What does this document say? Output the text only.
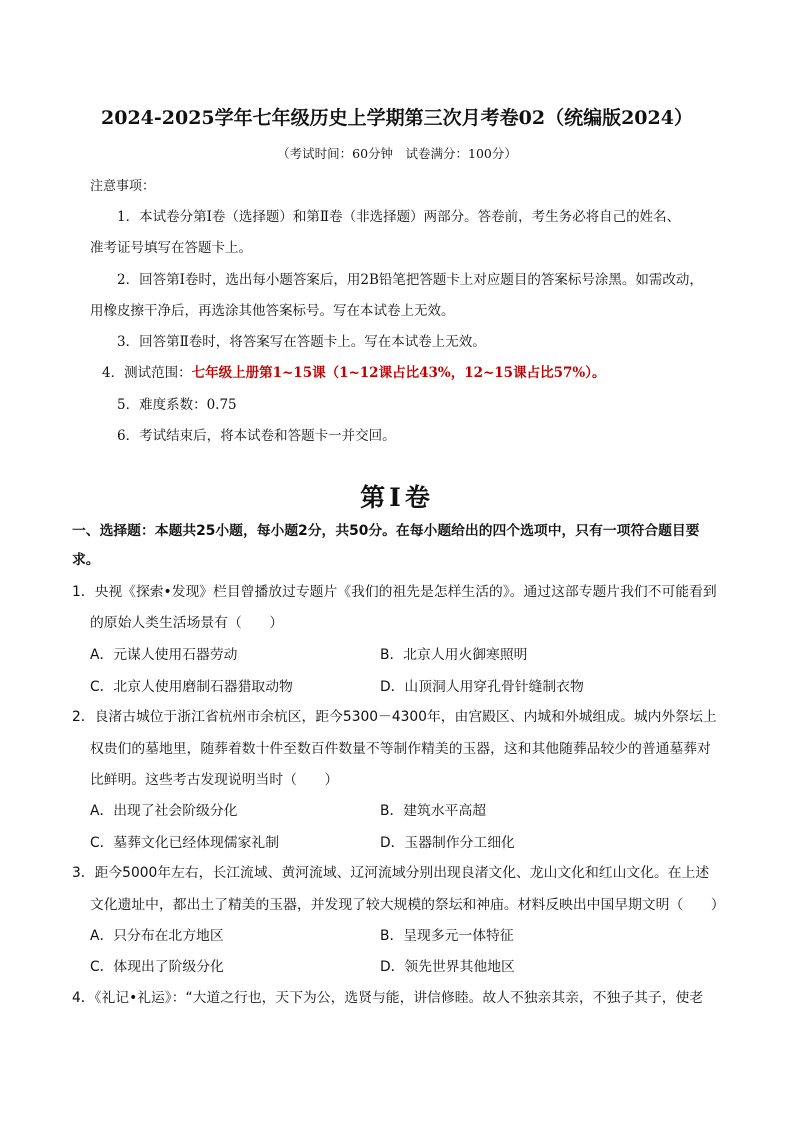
2024-2025学年七年级历史上学期第三次月考卷02（统编版2024）
（考试时间：60分钟　试卷满分：100分）
注意事项：
1．本试卷分第Ⅰ卷（选择题）和第Ⅱ卷（非选择题）两部分。答卷前，考生务必将自己的姓名、
准考证号填写在答题卡上。
2．回答第Ⅰ卷时，选出每小题答案后，用2B铅笔把答题卡上对应题目的答案标号涂黑。如需改动，
用橡皮擦干净后，再选涂其他答案标号。写在本试卷上无效。
3．回答第Ⅱ卷时，将答案写在答题卡上。写在本试卷上无效。
4．测试范围：七年级上册第1~15课（1~12课占比43%，12~15课占比57%）。
5．难度系数：0.75
6．考试结束后，将本试卷和答题卡一并交回。
第Ⅰ卷
一、选择题：本题共25小题，每小题2分，共50分。在每小题给出的四个选项中，只有一项符合题目要
求。
1．央视《探索•发现》栏目曾播放过专题片《我们的祖先是怎样生活的》。通过这部专题片我们不可能看到
的原始人类生活场景有（　　）
A．元谋人使用石器劳动	B．北京人用火御寒照明
C．北京人使用磨制石器猎取动物	D．山顶洞人用穿孔骨针缝制衣物
2．良渚古城位于浙江省杭州市余杭区，距今5300－4300年，由宫殿区、内城和外城组成。城内外祭坛上
权贵们的墓地里，随葬着数十件至数百件数量不等制作精美的玉器，这和其他随葬品较少的普通墓葬对
比鲜明。这些考古发现说明当时（　　）
A．出现了社会阶级分化	B．建筑水平高超
C．墓葬文化已经体现儒家礼制	D．玉器制作分工细化
3．距今5000年左右，长江流域、黄河流域、辽河流域分别出现良渚文化、龙山文化和红山文化。在上述
文化遗址中，都出土了精美的玉器，并发现了较大规模的祭坛和神庙。材料反映出中国早期文明（　　）
A．只分布在北方地区	B．呈现多元一体特征
C．体现出了阶级分化	D．领先世界其他地区
4．《礼记•礼运》：“大道之行也，天下为公，选贤与能，讲信修睦。故人不独亲其亲，不独子其子，使老
